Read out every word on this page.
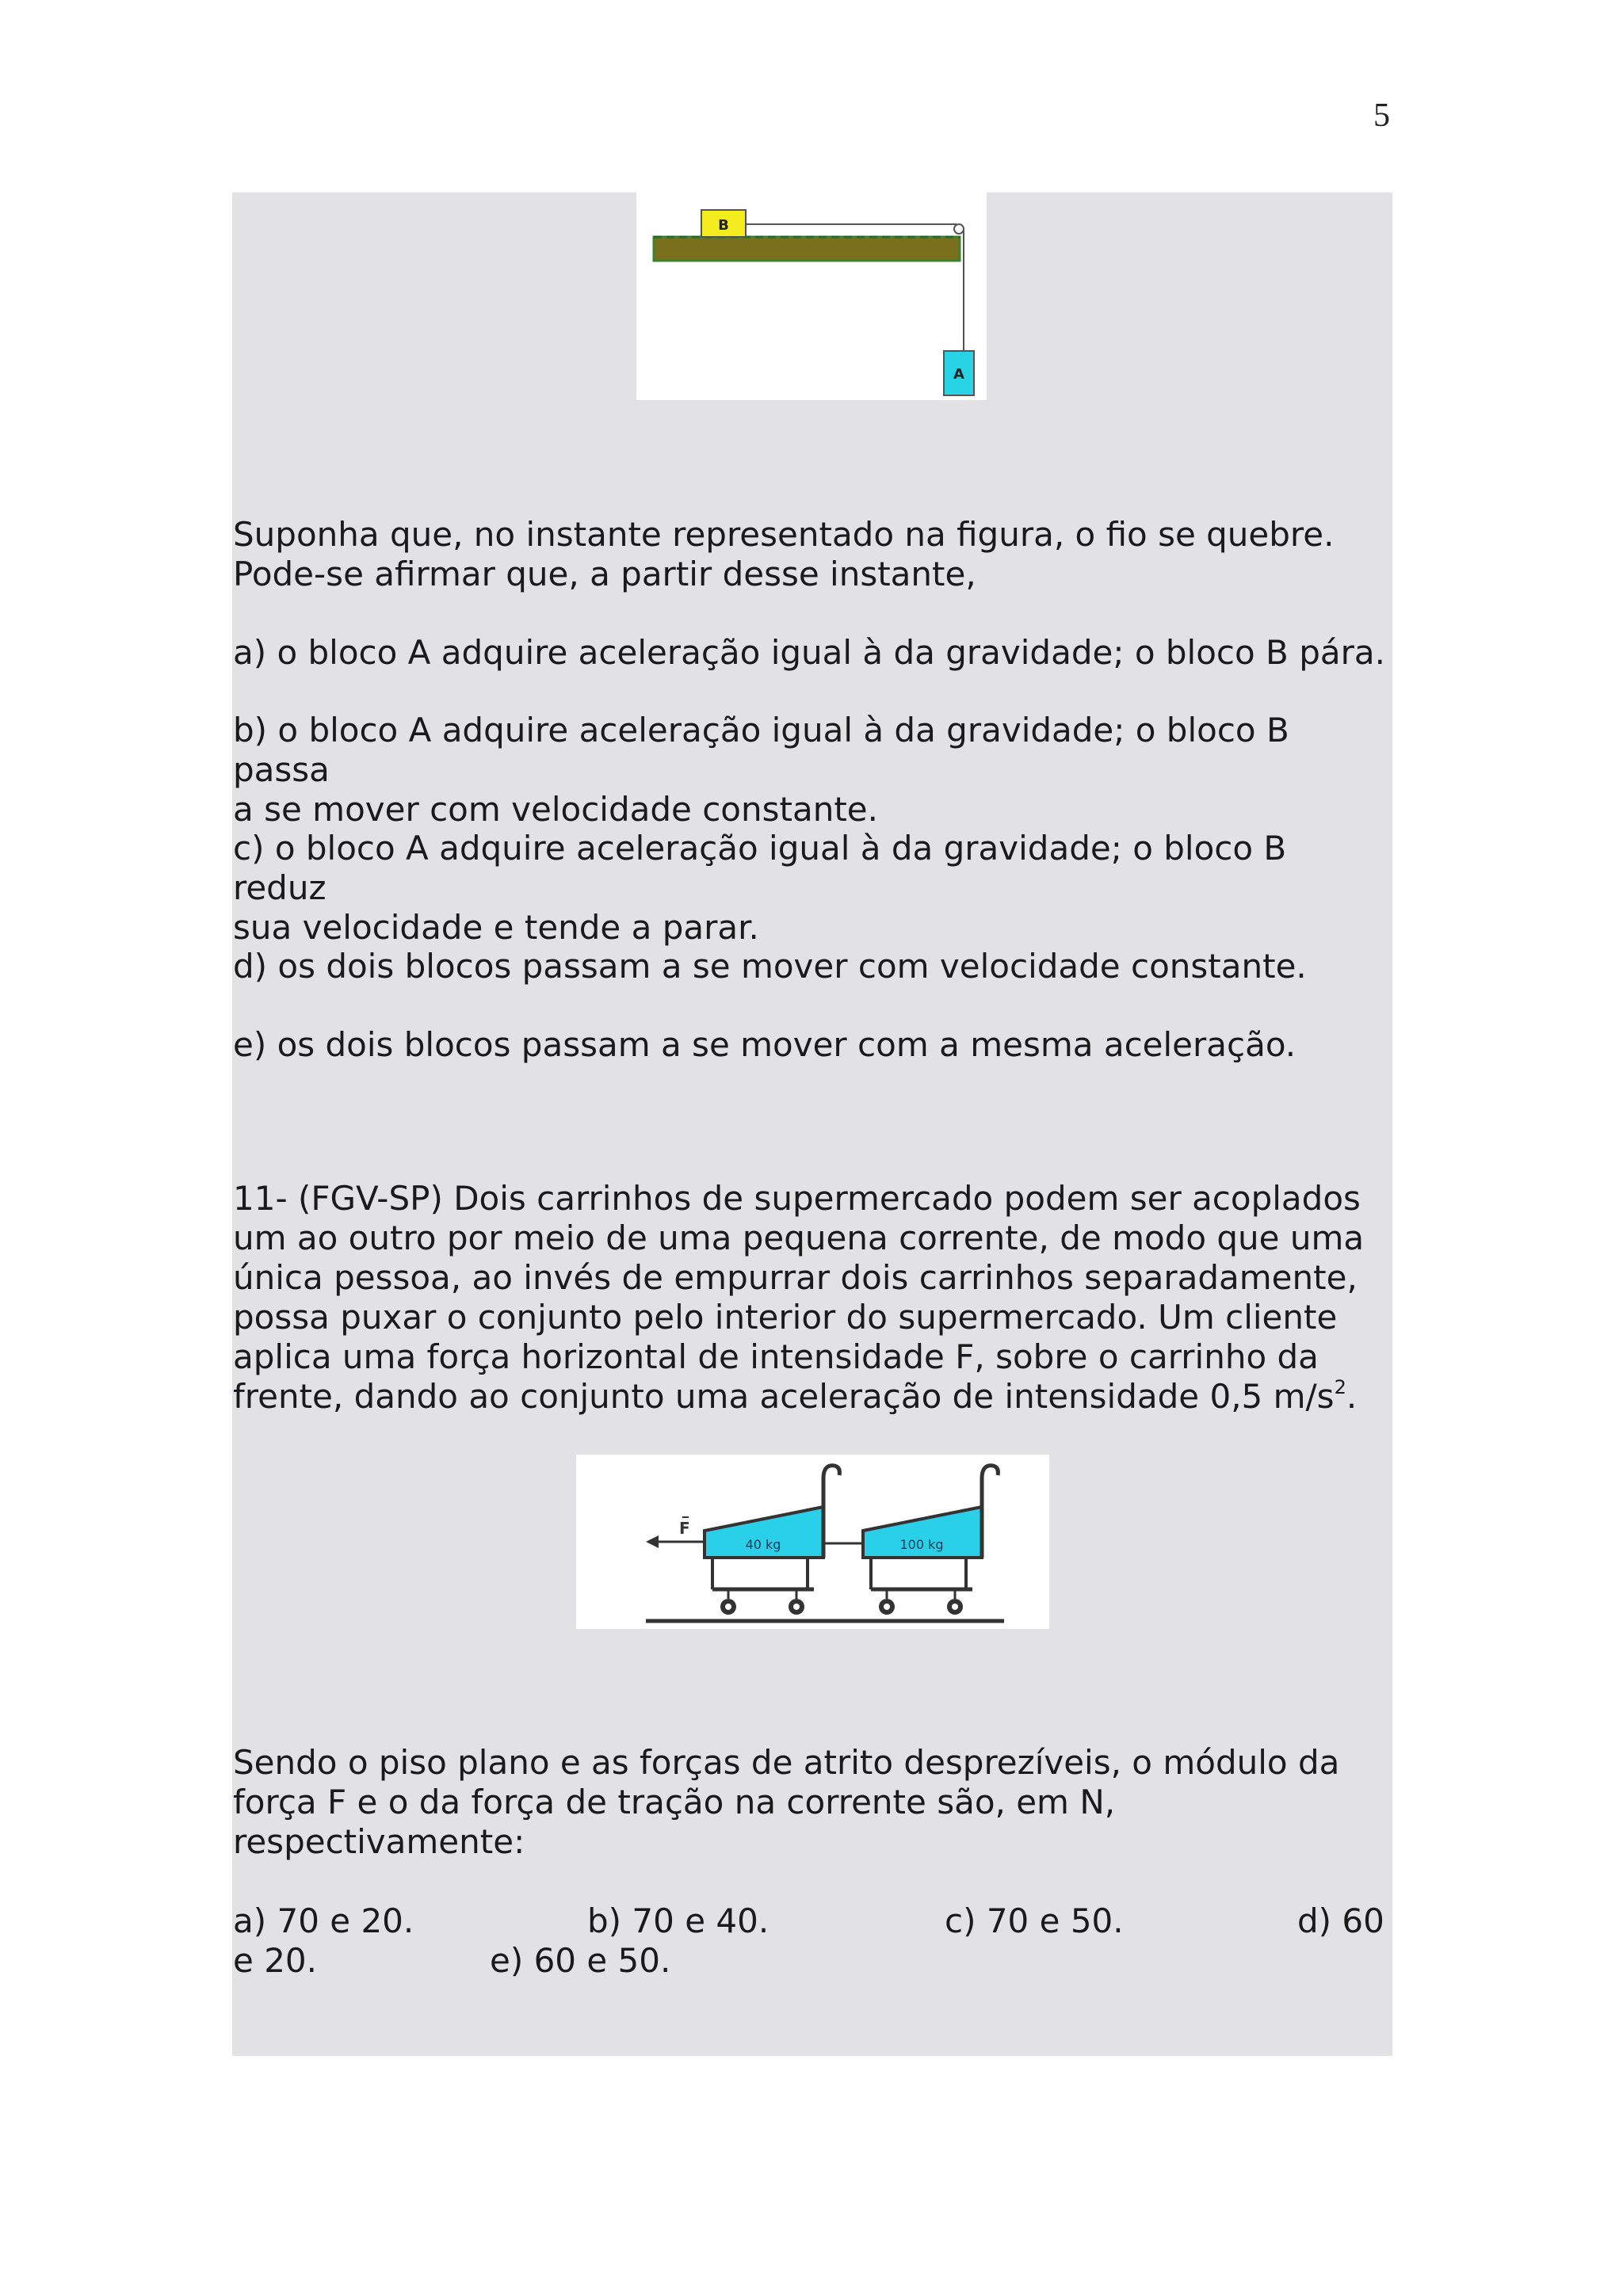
5
B
A
Suponha que, no instante representado na figura, o fio se quebre.
Pode-se afirmar que, a partir desse instante,
a) o bloco A adquire aceleração igual à da gravidade; o bloco B pára.
b) o bloco A adquire aceleração igual à da gravidade; o bloco B passa
a se mover com velocidade constante.
c) o bloco A adquire aceleração igual à da gravidade; o bloco B reduz
sua velocidade e tende a parar.
d) os dois blocos passam a se mover com velocidade constante.
e) os dois blocos passam a se mover com a mesma aceleração.
11- (FGV-SP) Dois carrinhos de supermercado podem ser acoplados
um ao outro por meio de uma pequena corrente, de modo que uma
única pessoa, ao invés de empurrar dois carrinhos separadamente,
possa puxar o conjunto pelo interior do supermercado. Um cliente
aplica uma força horizontal de intensidade F, sobre o carrinho da
frente, dando ao conjunto uma aceleração de intensidade 0,5 $m/s^2$.
F
40 kg	100 kg
Sendo o piso plano e as forças de atrito desprezíveis, o módulo da
força F e o da força de tração na corrente são, em N,
respectivamente:
a) 70 e 20.	b) 70 e 40.	c) 70 e 50.	d) 60
e 20.	e) 60 e 50.
